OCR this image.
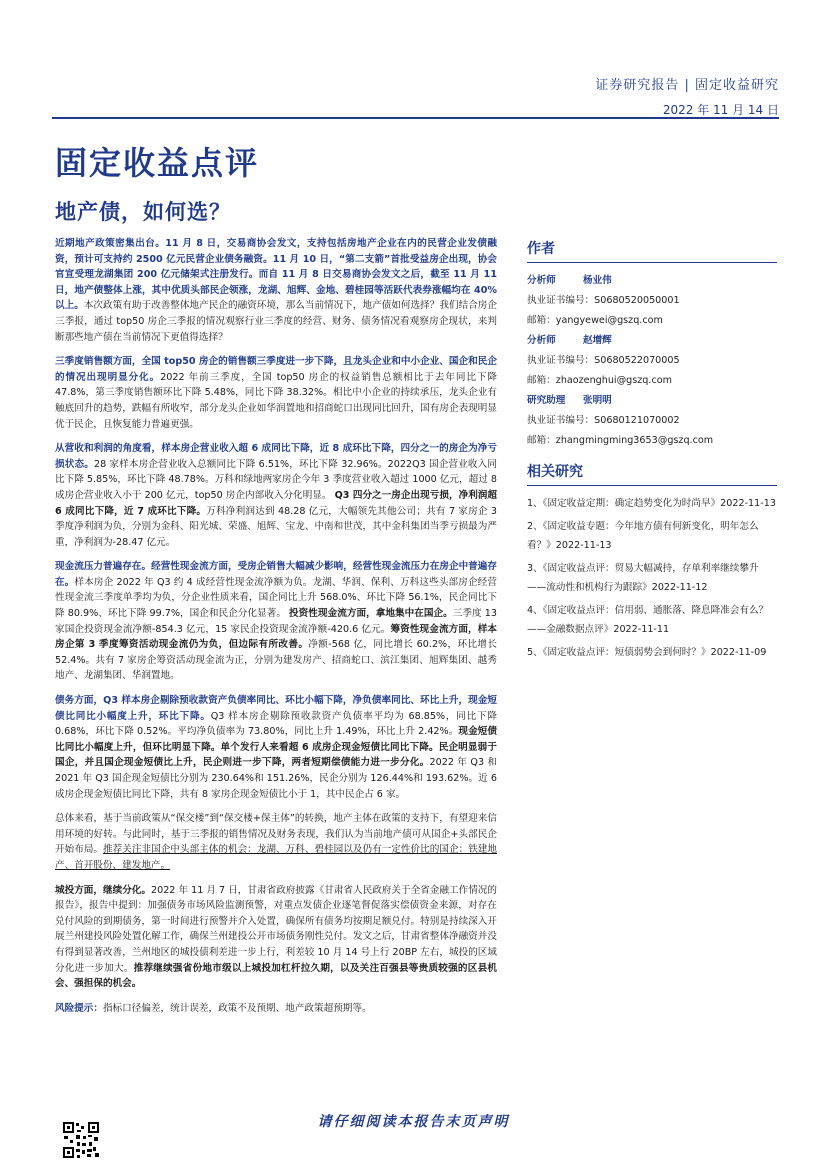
证券研究报告 | 固定收益研究
2022 年 11 月 14 日
固定收益点评
地产债，如何选？

近期地产政策密集出台。11 月 8 日，交易商协会发文，支持包括房地产企业在内的民营企业发债融资，预计可支持约 2500 亿元民营企业债务融资。11 月 10 日，“第二支箭”首批受益房企出现，协会官宣受理龙湖集团 200 亿元储架式注册发行。而自 11 月 8 日交易商协会发文之后，截至 11 月 11 日，地产债整体上涨，其中优质头部民企领涨，龙湖、旭辉、金地、碧桂园等活跃代表券涨幅均在 40%以上。本次政策有助于改善整体地产民企的融资环境，那么当前情况下，地产债如何选择？我们结合房企三季报，通过 top50 房企三季报的情况观察行业三季度的经营、财务、债务情况看观察房企现状，来判断那些地产债在当前情况下更值得选择？

三季度销售额方面，全国 top50 房企的销售额三季度进一步下降，且龙头企业和中小企业、国企和民企的情况出现明显分化。2022 年前三季度，全国 top50 房企的权益销售总额相比于去年同比下降 47.8%，第三季度销售额环比下降 5.48%，同比下降 38.32%。相比中小企业的持续承压，龙头企业有触底回升的趋势，跌幅有所收窄，部分龙头企业如华润置地和招商蛇口出现同比回升，国有房企表现明显优于民企，且恢复能力普遍更强。

从营收和利润的角度看，样本房企营业收入超 6 成同比下降，近 8 成环比下降，四分之一的房企为净亏损状态。28 家样本房企营业收入总额同比下降 6.51%，环比下降 32.96%。2022Q3 国企营业收入同比下降 5.85%，环比下降 48.78%。万科和绿地两家房企今年 3 季度营业收入超过 1000 亿元，超过 8 成房企营业收入小于 200 亿元，top50 房企内部收入分化明显。 Q3 四分之一房企出现亏损，净利润超 6 成同比下降，近 7 成环比下降。万科净利润达到 48.28 亿元，大幅领先其他公司；共有 7 家房企 3 季度净利润为负，分别为金科、阳光城、荣盛、旭辉、宝龙、中南和世茂，其中金科集团当季亏损最为严重，净利润为-28.47 亿元。

现金流压力普遍存在。经营性现金流方面，受房企销售大幅减少影响，经营性现金流压力在房企中普遍存在。样本房企 2022 年 Q3 约 4 成经营性现金流净额为负。龙湖、华润、保利、万科这些头部房企经营性现金流三季度单季均为负，分企业性质来看，国企同比上升 568.0%、环比下降 56.1%，民企同比下降 80.9%、环比下降 99.7%，国企和民企分化显著。 投资性现金流方面，拿地集中在国企。三季度 13 家国企投资现金流净额-854.3 亿元，15 家民企投资现金流净额-420.6 亿元。筹资性现金流方面，样本房企第 3 季度筹资活动现金流仍为负，但边际有所改善。净额-568 亿，同比增长 60.2%，环比增长 52.4%。共有 7 家房企筹资活动现金流为正，分别为建发房产、招商蛇口、滨江集团、旭辉集团、越秀地产、龙湖集团、华润置地。

债务方面，Q3 样本房企剔除预收款资产负债率同比、环比小幅下降，净负债率同比、环比上升，现金短债比同比小幅度上升，环比下降。Q3 样本房企剔除预收款资产负债率平均为 68.85%，同比下降 0.68%，环比下降 0.52%。平均净负债率为 73.80%，同比上升 1.49%，环比上升 2.42%。现金短债比同比小幅度上升，但环比明显下降。单个发行人来看超 6 成房企现金短债比同比下降。民企明显弱于国企，并且国企现金短债比上升，民企则进一步下降，两者短期偿债能力进一步分化。2022 年 Q3 和 2021 年 Q3 国企现金短债比分别为 230.64%和 151.26%，民企分别为 126.44%和 193.62%。近 6 成房企现金短债比同比下降，共有 8 家房企现金短债比小于 1，其中民企占 6 家。

总体来看，基于当前政策从“保交楼”到“保交楼+保主体”的转换，地产主体在政策的支持下，有望迎来信用环境的好转。与此同时，基于三季报的销售情况及财务表现，我们认为当前地产债可从国企+头部民企开始布局。推荐关注非国企中头部主体的机会：龙湖、万科、碧桂园以及仍有一定性价比的国企：铁建地产、首开股份、建发地产。

城投方面，继续分化。2022 年 11 月 7 日，甘肃省政府披露《甘肃省人民政府关于全省金融工作情况的报告》，报告中提到：加强债务市场风险监测预警，对重点发债企业逐笔督促落实偿债资金来源，对存在兑付风险的到期债务，第一时间进行预警并介入处置，确保所有债务均按期足额兑付。特别是持续深入开展兰州建投风险处置化解工作，确保兰州建投公开市场债务刚性兑付。发文之后，甘肃省整体净融资并没有得到显著改善，兰州地区的城投债利差进一步上行，利差较 10 月 14 号上行 20BP 左右，城投的区域分化进一步加大。推荐继续强省份地市级以上城投加杠杆拉久期，以及关注百强县等贵质较强的区县机会、强担保的机会。

风险提示：指标口径偏差，统计误差，政策不及预期、地产政策超预期等。

作者
分析师	杨业伟
执业证书编号：S0680520050001
邮箱：yangyewei@gszq.com
分析师	赵增辉
执业证书编号：S0680522070005
邮箱：zhaozenghui@gszq.com
研究助理 张明明
执业证书编号：S0680121070002
邮箱：zhangmingming3653@gszq.com
相关研究
1、《固定收益定期：确定趋势变化为时尚早》2022-11-13
2、《固定收益专题：今年地方债有何新变化，明年怎么看？》2022-11-13
3、《固定收益点评：贸易大幅减持，存单利率继续攀升——流动性和机构行为跟踪》2022-11-12
4、《固定收益点评：信用弱、通胀落、降息降准会有么？——金融数据点评》2022-11-11
5、《固定收益点评：短债弱势会到何时？》2022-11-09
请仔细阅读本报告末页声明
